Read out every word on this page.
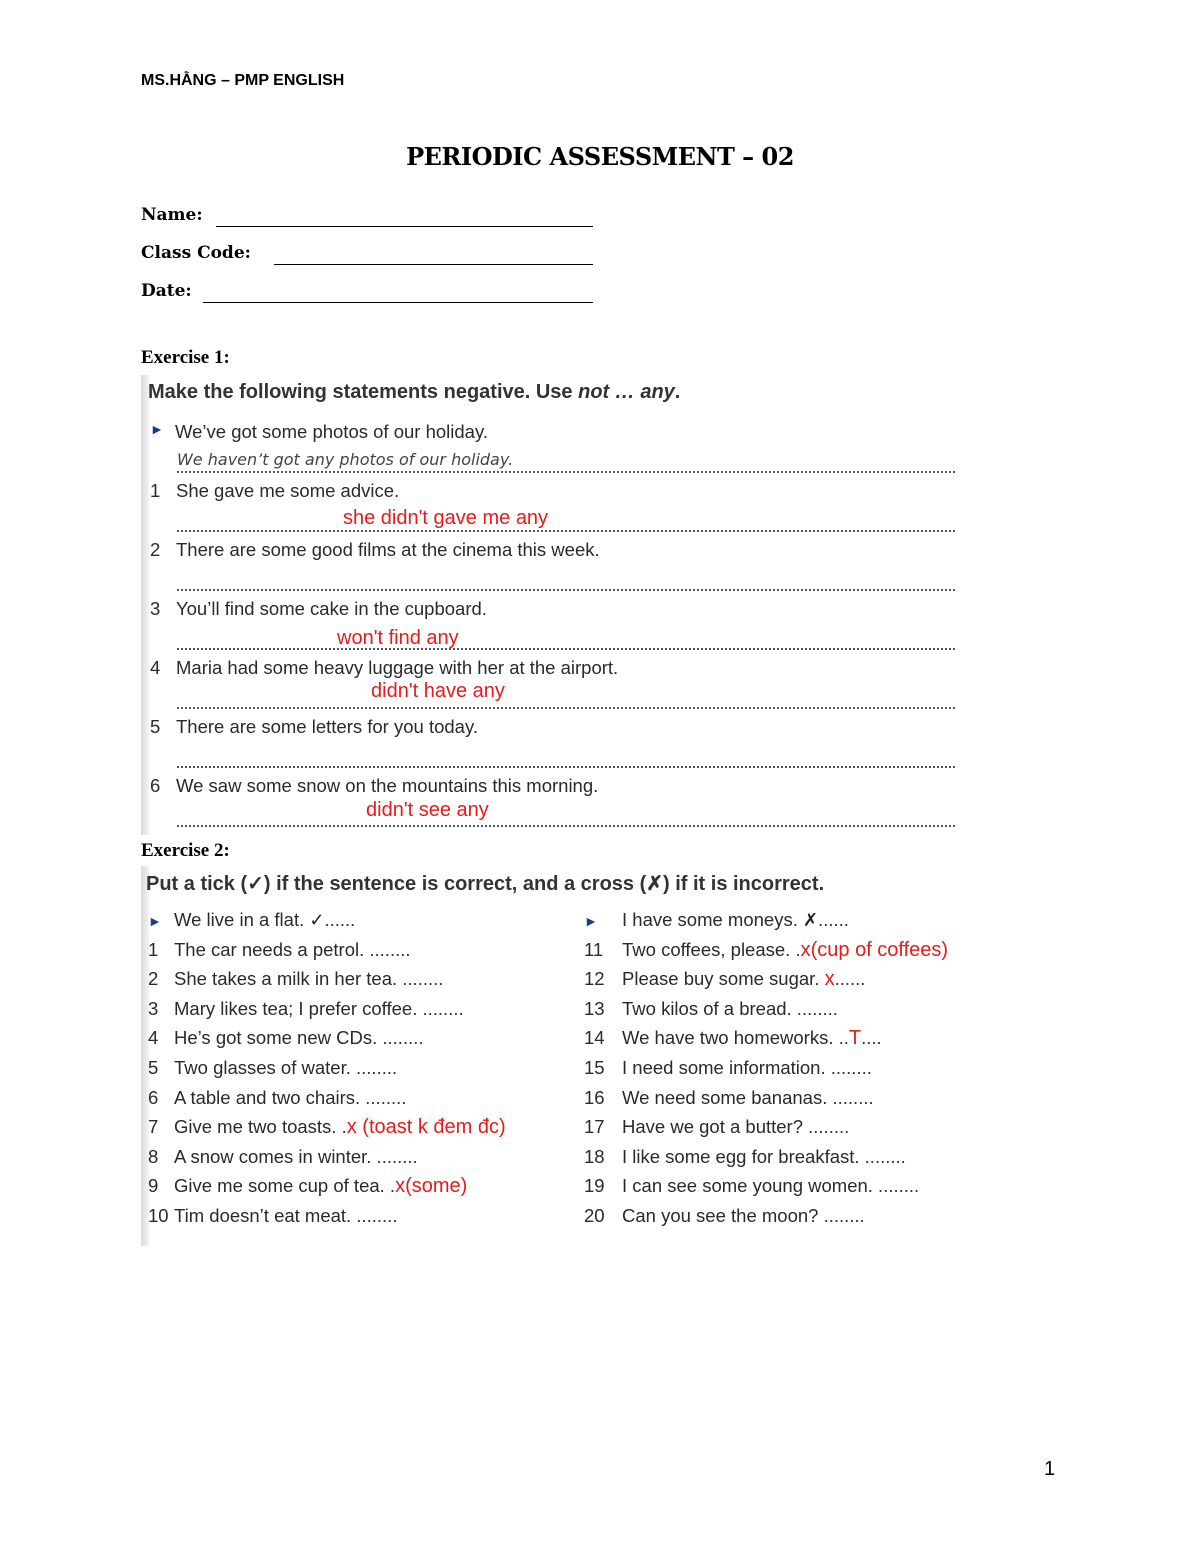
MS.HẰNG – PMP ENGLISH
PERIODIC ASSESSMENT – 02
Name:
Class Code:
Date:
Exercise 1:
Make the following statements negative. Use not … any.
► We’ve got some photos of our holiday.
We haven’t got any photos of our holiday.
1 She gave me some advice.
she didn't gave me any
2 There are some good films at the cinema this week.
3 You’ll find some cake in the cupboard.
won't find any
4 Maria had some heavy luggage with her at the airport.
didn't have any
5 There are some letters for you today.
6 We saw some snow on the mountains this morning.
didn't see any
Exercise 2:
Put a tick (✓) if the sentence is correct, and a cross (✗) if it is incorrect.
► We live in a flat. ✓......
1 The car needs a petrol. ........
2 She takes a milk in her tea. ........
3 Mary likes tea; I prefer coffee. ........
4 He’s got some new CDs. ........
5 Two glasses of water. ........
6 A table and two chairs. ........
7 Give me two toasts. .x (toast k đem đc)
8 A snow comes in winter. ........
9 Give me some cup of tea. .x(some)
10 Tim doesn’t eat meat. ........
► I have some moneys. ✗......
11 Two coffees, please. .x(cup of coffees)
12 Please buy some sugar. x......
13 Two kilos of a bread. ........
14 We have two homeworks. ..T....
15 I need some information. ........
16 We need some bananas. ........
17 Have we got a butter? ........
18 I like some egg for breakfast. ........
19 I can see some young women. ........
20 Can you see the moon? ........
1
